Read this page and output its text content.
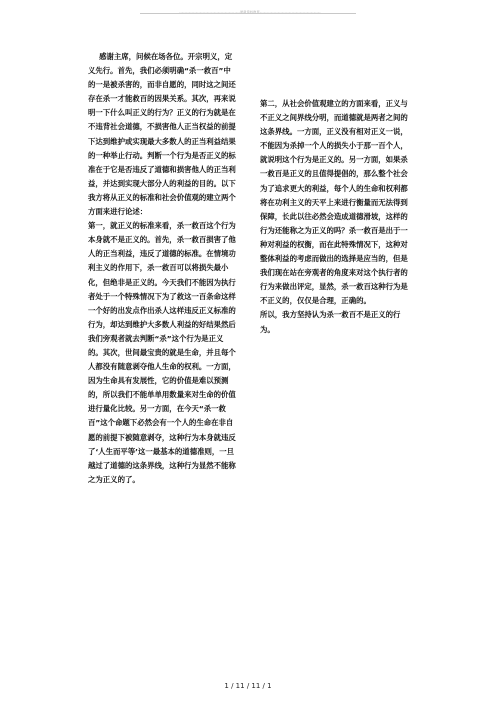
--------------------------------------------最新资料推荐--------------------------------------------

感谢主席，问候在场各位。开宗明义，定义先行。首先，我们必须明确“杀一救百”中的一是被杀害的，而非自愿的，同时这之间还存在杀一才能救百的因果关系。其次，再来说明一下什么叫正义的行为？正义的行为就是在不违背社会道德，不损害他人正当权益的前提下达到维护或实现最大多数人的正当利益结果的一种举止行动。判断一个行为是否正义的标准在于它是否违反了道德和损害他人的正当利益，并达到实现大部分人的利益的目的。以下我方将从正义的标准和社会价值观的建立两个方面来进行论述：

第一，就正义的标准来看，杀一救百这个行为本身就不是正义的。首先，杀一救百损害了他人的正当利益，违反了道德的标准。在情境功利主义的作用下，杀一救百可以将损失最小化，但绝非是正义的。今天我们不能因为执行者处于一个特殊情况下为了救这一百条命这样一个好的出发点作出杀人这样违反正义标准的行为，却达到维护大多数人利益的好结果然后我们旁观者就去判断“杀”这个行为是正义的。其次，世间最宝贵的就是生命，并且每个人都没有随意剥夺他人生命的权利。一方面，因为生命具有发展性，它的价值是难以预测的，所以我们不能单单用数量来对生命的价值进行量化比较。另一方面，在今天“杀一救百”这个命题下必然会有一个人的生命在非自愿的前提下被随意剥夺，这种行为本身就违反了‘人生而平等’这一最基本的道德准则，一旦越过了道德的这条界线，这种行为显然不能称之为正义的了。

第二，从社会价值观建立的方面来看，正义与不正义之间界线分明，而道德就是两者之间的这条界线。一方面，正义没有相对正义一说，不能因为杀掉一个人的损失小于那一百个人，就说明这个行为是正义的。另一方面，如果杀一救百是正义的且值得提倡的，那么整个社会为了追求更大的利益，每个人的生命和权利都将在功利主义的天平上来进行衡量而无法得到保障，长此以往必然会造成道德滑坡，这样的行为还能称之为正义的吗？杀一救百是出于一种对利益的权衡，而在此特殊情况下，这种对整体利益的考虑而做出的选择是应当的，但是我们现在站在旁观者的角度来对这个执行者的行为来做出评定，显然，杀一救百这种行为是不正义的，仅仅是合理，正确的。

所以，我方坚持认为杀一救百不是正义的行为。

1 / 11 / 11 / 1
